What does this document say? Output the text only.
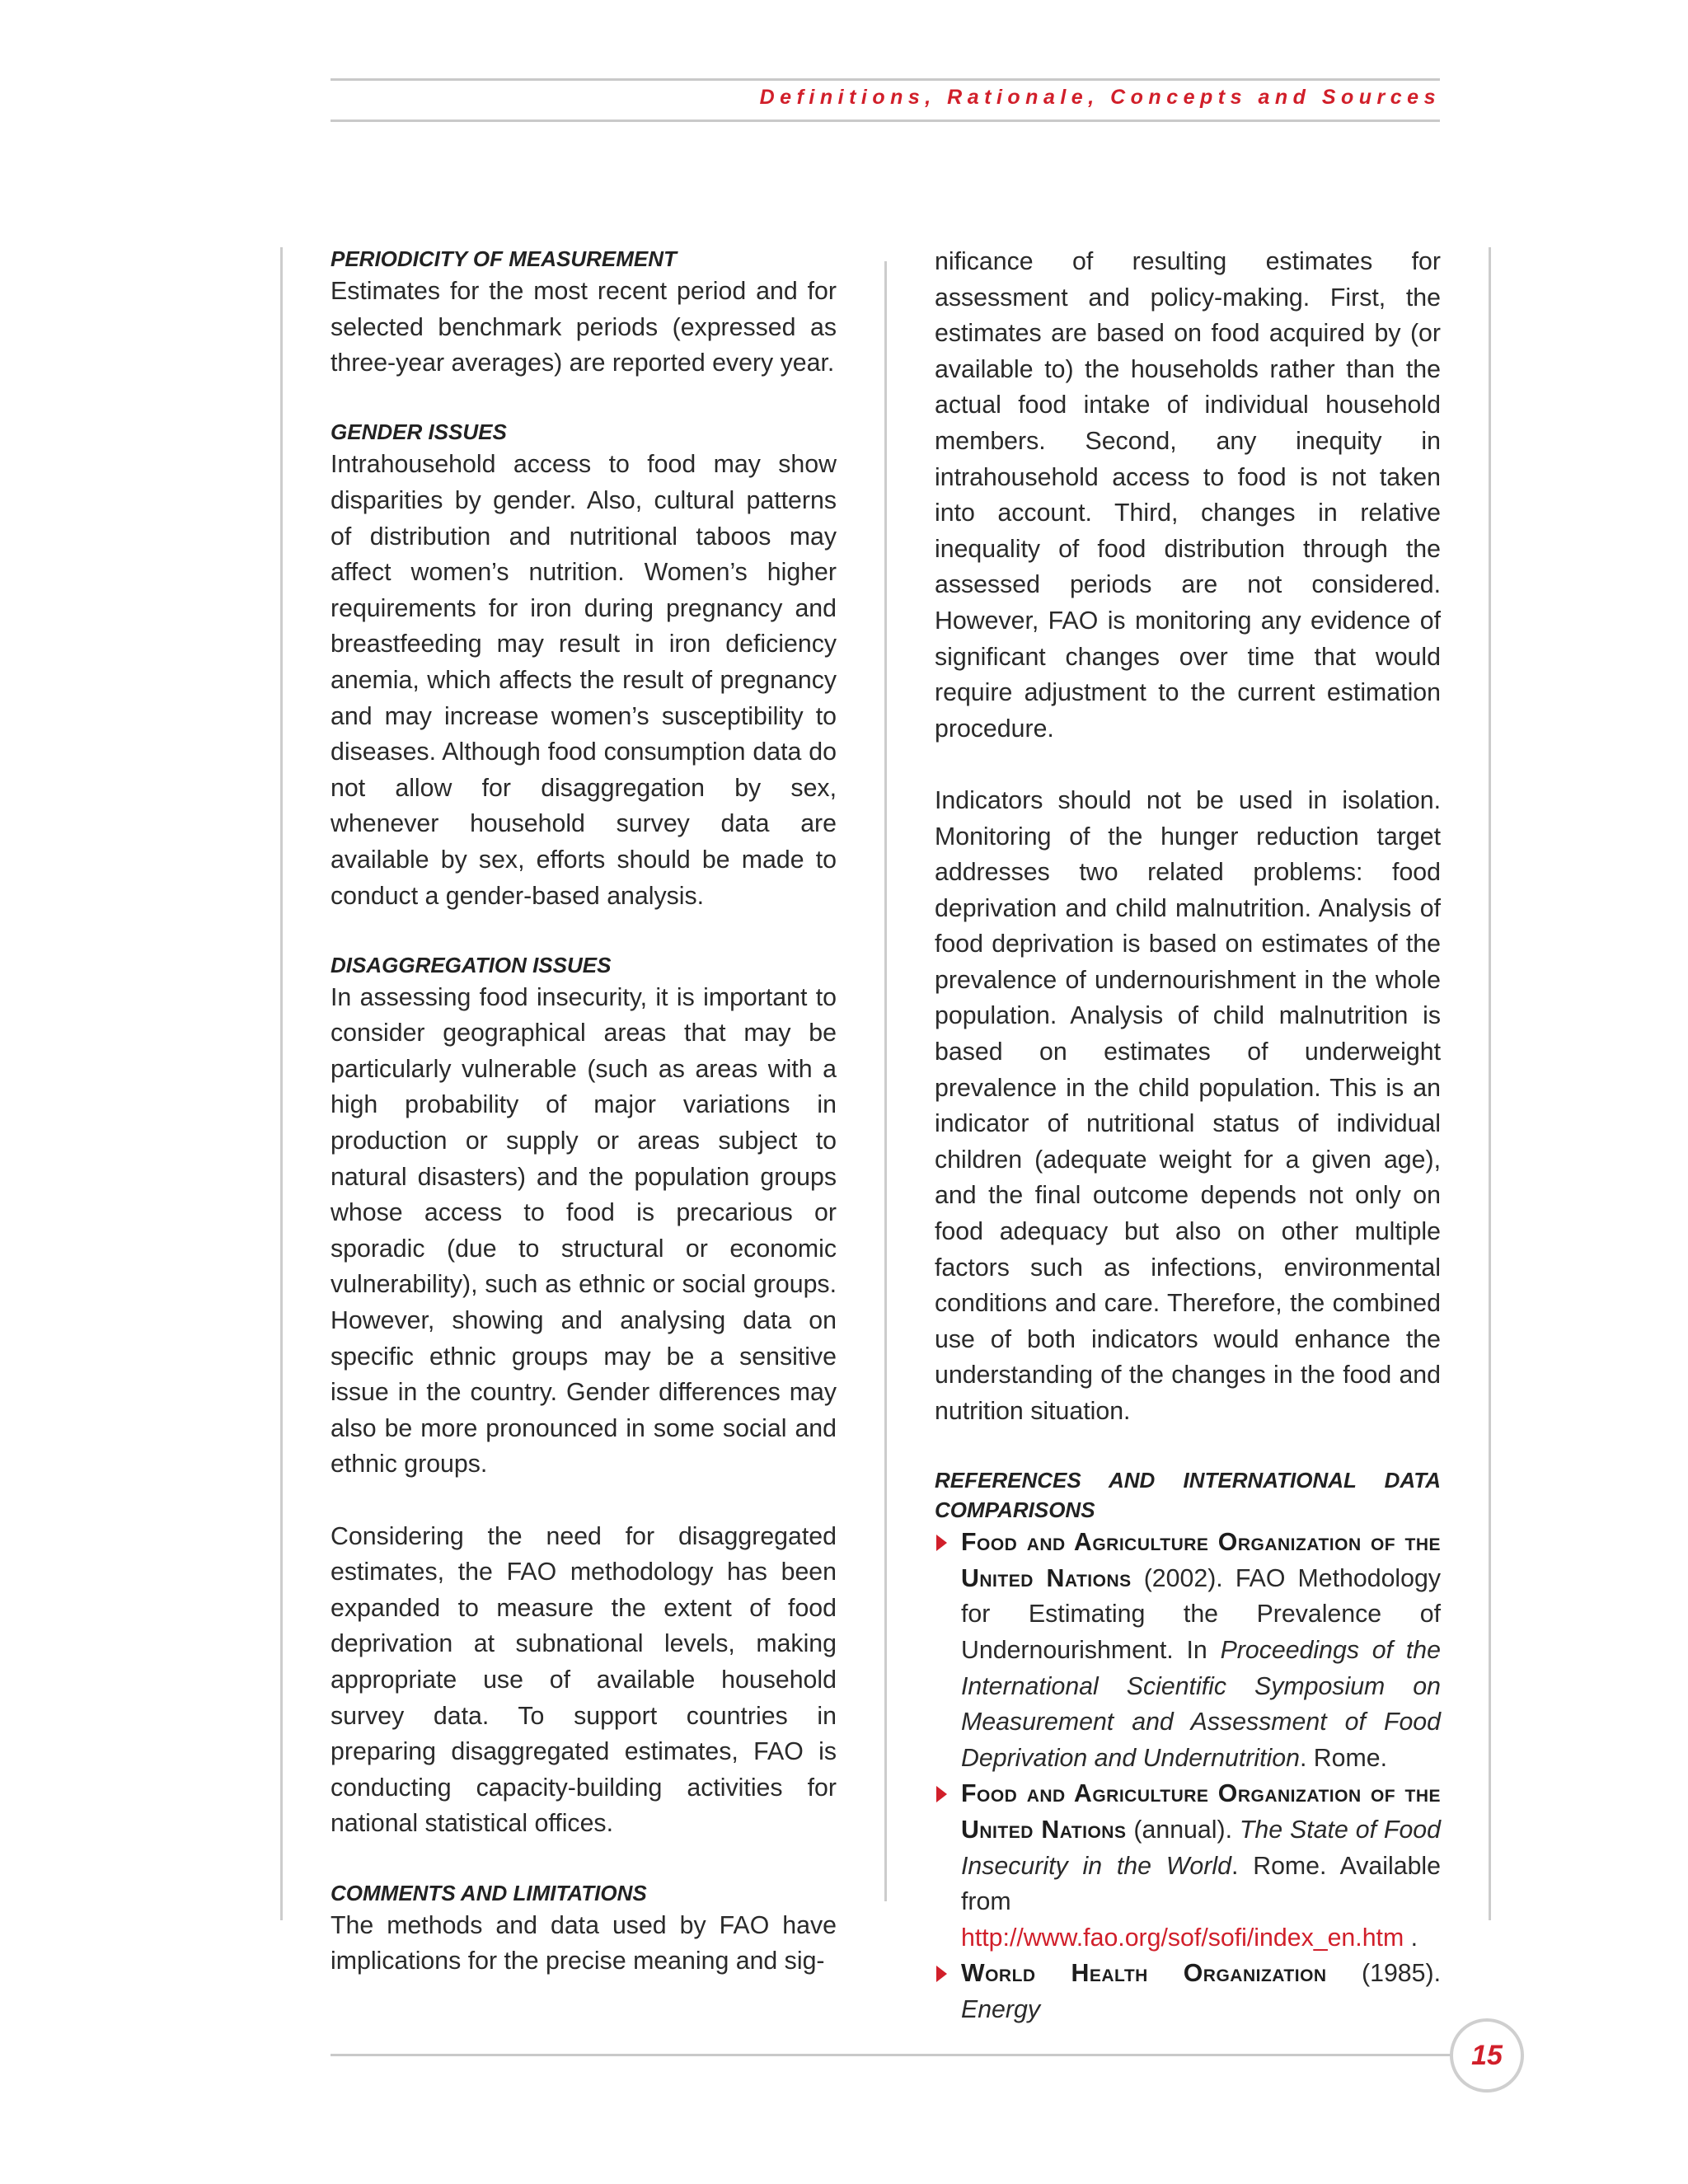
Definitions, Rationale, Concepts and Sources
PERIODICITY OF MEASUREMENT

Estimates for the most recent period and for selected benchmark periods (expressed as three-year averages) are reported every year.

GENDER ISSUES

Intrahousehold access to food may show disparities by gender. Also, cultural patterns of distribution and nutritional taboos may affect women’s nutrition. Women’s higher requirements for iron during pregnancy and breastfeeding may result in iron deficiency anemia, which affects the result of pregnancy and may increase women’s susceptibility to diseases. Although food consumption data do not allow for disaggregation by sex, whenever household survey data are available by sex, efforts should be made to conduct a gender-based analysis.

DISAGGREGATION ISSUES

In assessing food insecurity, it is important to consider geographical areas that may be particularly vulnerable (such as areas with a high probability of major variations in production or supply or areas subject to natural disasters) and the population groups whose access to food is precarious or sporadic (due to structural or economic vulnerability), such as ethnic or social groups. However, showing and analysing data on specific ethnic groups may be a sensitive issue in the country. Gender differences may also be more pronounced in some social and ethnic groups.

Considering the need for disaggregated estimates, the FAO methodology has been expanded to measure the extent of food deprivation at subnational levels, making appropriate use of available household survey data. To support countries in preparing disaggregated estimates, FAO is conducting capacity-building activities for national statistical offices.

COMMENTS AND LIMITATIONS

The methods and data used by FAO have implications for the precise meaning and sig-

nificance of resulting estimates for assessment and policy-making. First, the estimates are based on food acquired by (or available to) the households rather than the actual food intake of individual household members. Second, any inequity in intrahousehold access to food is not taken into account. Third, changes in relative inequality of food distribution through the assessed periods are not considered. However, FAO is monitoring any evidence of significant changes over time that would require adjustment to the current estimation procedure.

Indicators should not be used in isolation. Monitoring of the hunger reduction target addresses two related problems: food deprivation and child malnutrition. Analysis of food deprivation is based on estimates of the prevalence of undernourishment in the whole population. Analysis of child malnutrition is based on estimates of underweight prevalence in the child population. This is an indicator of nutritional status of individual children (adequate weight for a given age), and the final outcome depends not only on food adequacy but also on other multiple factors such as infections, environmental conditions and care. Therefore, the combined use of both indicators would enhance the understanding of the changes in the food and nutrition situation.

REFERENCES AND INTERNATIONAL DATA COMPARISONS
Food and Agriculture Organization of the United Nations (2002). FAO Methodology for Estimating the Prevalence of Undernourishment. In Proceedings of the International Scientific Symposium on Measurement and Assessment of Food Deprivation and Undernutrition. Rome.
Food and Agriculture Organization of the United Nations (annual). The State of Food Insecurity in the World. Rome. Available from http://www.fao.org/sof/sofi/index_en.htm .
World Health Organization (1985). Energy
15
